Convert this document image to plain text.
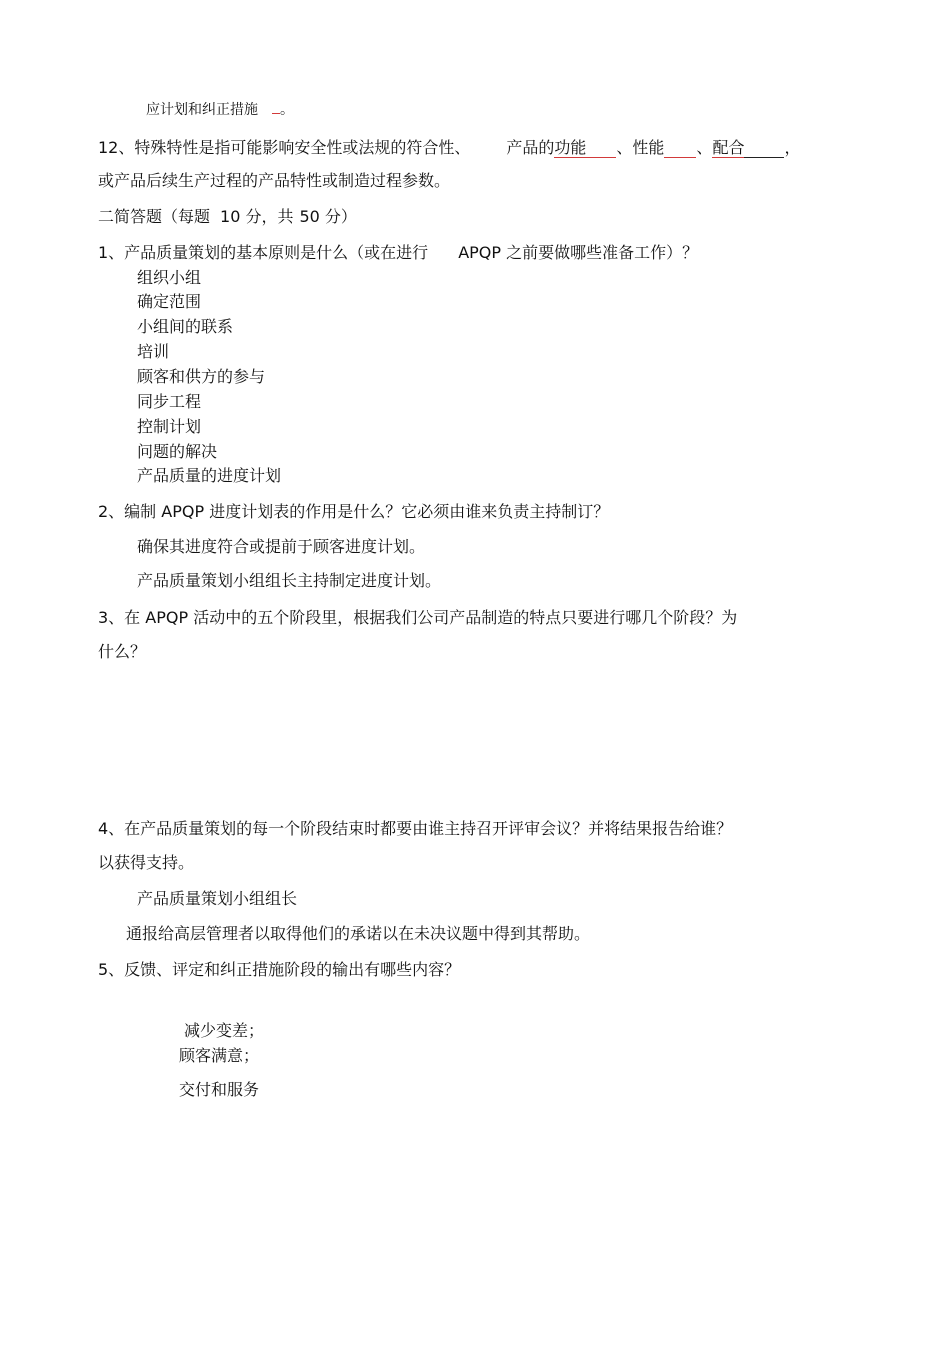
应计划和纠正措施 。
12、特殊特性是指可能影响安全性或法规的符合性、 产品的功能 、性能 、配合	，
或产品后续生产过程的产品特性或制造过程参数。
二简答题（每题 10 分，共 50 分）
1、产品质量策划的基本原则是什么（或在进行 APQP 之前要做哪些准备工作）？
组织小组
确定范围
小组间的联系
培训
顾客和供方的参与
同步工程
控制计划
问题的解决
产品质量的进度计划
2、编制 APQP 进度计划表的作用是什么？它必须由谁来负责主持制订？
确保其进度符合或提前于顾客进度计划。
产品质量策划小组组长主持制定进度计划。
3、在 APQP 活动中的五个阶段里，根据我们公司产品制造的特点只要进行哪几个阶段？为
什么？
4、在产品质量策划的每一个阶段结束时都要由谁主持召开评审会议？并将结果报告给谁？
以获得支持。
产品质量策划小组组长
通报给高层管理者以取得他们的承诺以在未决议题中得到其帮助。
5、反馈、评定和纠正措施阶段的输出有哪些内容？
减少变差；
顾客满意；
交付和服务
